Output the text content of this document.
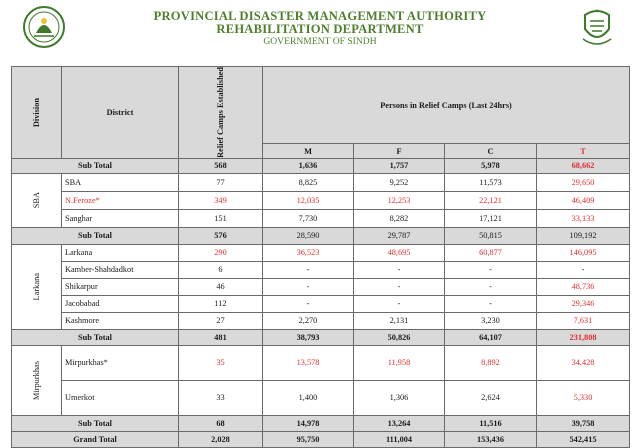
PROVINCIAL DISASTER MANAGEMENT AUTHORITY
REHABILITATION DEPARTMENT
GOVERNMENT OF SINDH
Division	District	Relief Camps Established	Persons in Relief Camps (Last 24hrs)			
			M	F	C	T
Sub Total		568	1,636	1,757	5,978	68,662

SBA	SBA	77	8,825	9,252	11,573	29,650
	N.Feroze*	349	12,035	12,253	22,121	46,409
	Sanghar	151	7,730	8,282	17,121	33,133
Sub Total		576	28,590	29,787	50,815	109,192

Larkana	Larkana	290	36,523	48,695	60,877	146,095
	Kamber-Shahdadkot	6	-	-	-	-
	Shikarpur	46	-	-	-	48,736
	Jacobabad	112	-	-	-	29,346
	Kashmore	27	2,270	2,131	3,230	7,631
Sub Total		481	38,793	50,826	64,107	231,808

Mirpurkhas	Mirpurkhas*	35	13,578	11,958	8,892	34,428
	Umerkot	33	1,400	1,306	2,624	5,330
Sub Total		68	14,978	13,264	11,516	39,758
Grand Total		2,028	95,750	111,004	153,436	542,415
